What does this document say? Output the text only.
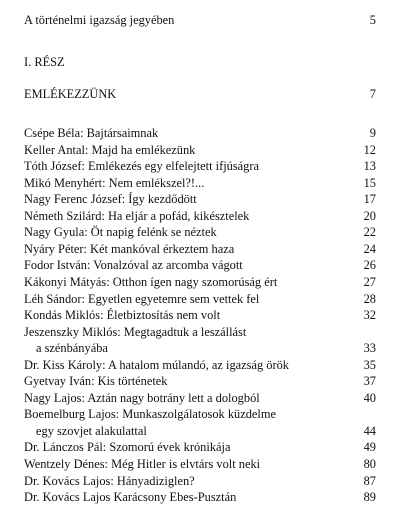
A történelmi igazság jegyében	5
I. RÉSZ
EMLÉKEZZÜNK	7
Csépe Béla: Bajtársaimnak	9
Keller Antal: Majd ha emlékezünk	12
Tóth József: Emlékezés egy elfelejtett ifjúságra	13
Mikó Menyhért: Nem emlékszel?!...	15
Nagy Ferenc József: Így kezdődött	17
Németh Szilárd: Ha eljár a pofád, kikésztelek	20
Nagy Gyula: Öt napig felénk se néztek	22
Nyáry Péter: Két mankóval érkeztem haza	24
Fodor István: Vonalzóval az arcomba vágott	26
Kákonyi Mátyás: Otthon ígen nagy szomorúság ért	27
Léh Sándor: Egyetlen egyetemre sem vettek fel	28
Kondás Miklós: Életbiztosítás nem volt	32
Jeszenszky Miklós: Megtagadtuk a leszállást
a szénbányába	33
Dr. Kiss Károly: A hatalom múlandó, az igazság örök	35
Gyetvay Iván: Kis történetek	37
Nagy Lajos: Aztán nagy botrány lett a dologból	40
Boemelburg Lajos: Munkaszolgálatosok küzdelme
egy szovjet alakulattal	44
Dr. Lánczos Pál: Szomorú évek krónikája	49
Wentzely Dénes: Még Hitler is elvtárs volt neki	80
Dr. Kovács Lajos: Hányadiziglen?	87
Dr. Kovács Lajos Karácsony Ebes-Pusztán	89
